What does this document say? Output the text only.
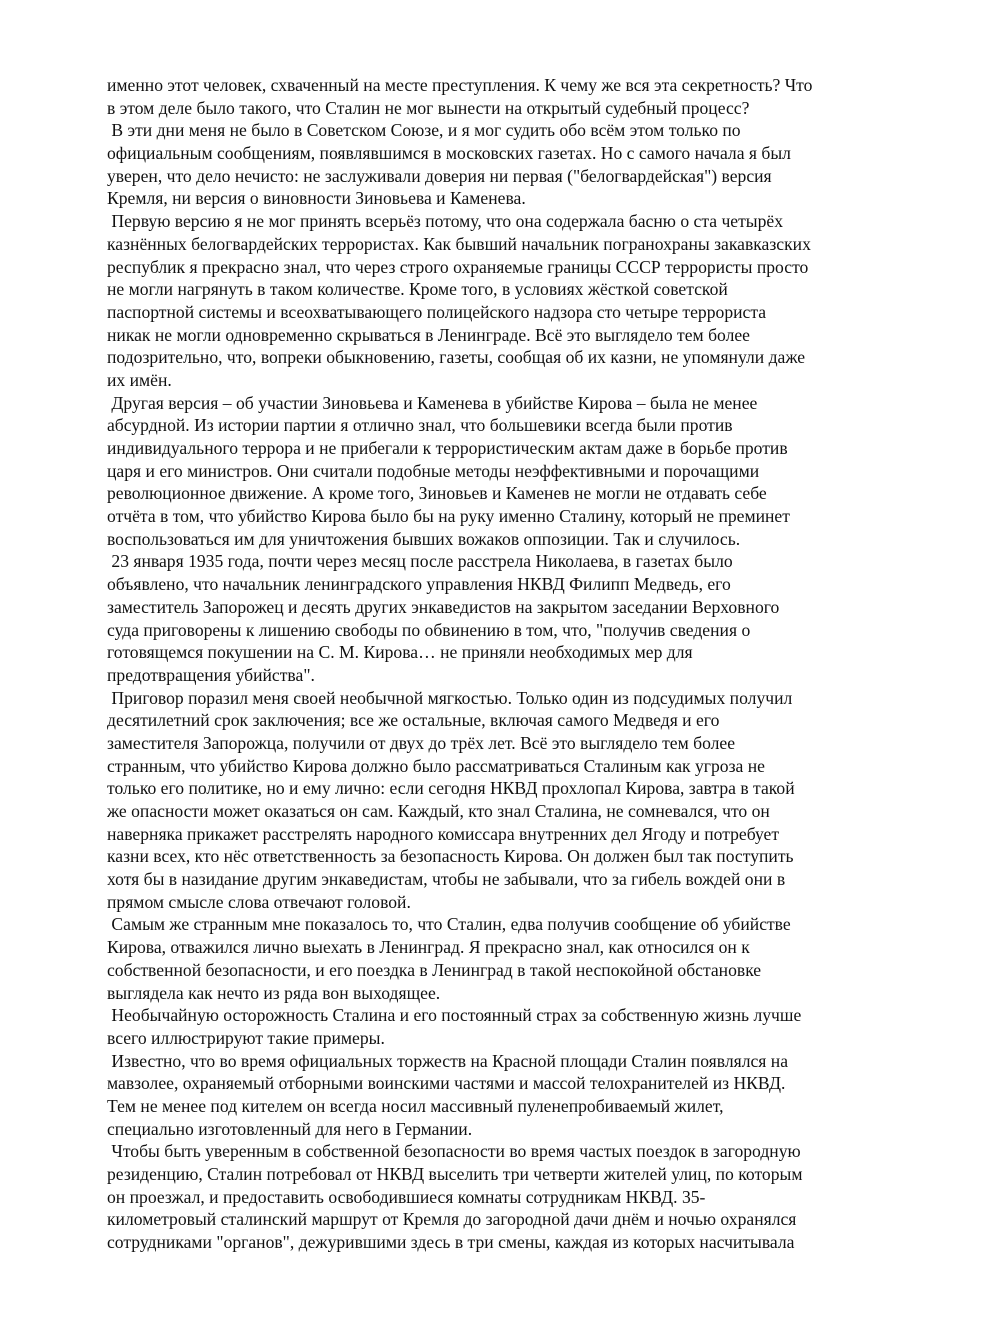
именно этот человек, схваченный на месте преступления. К чему же вся эта секретность? Что
в этом деле было такого, что Сталин не мог вынести на открытый судебный процесс?
В эти дни меня не было в Советском Союзе, и я мог судить обо всём этом только по
официальным сообщениям, появлявшимся в московских газетах. Но с самого начала я был
уверен, что дело нечисто: не заслуживали доверия ни первая ("белогвардейская") версия
Кремля, ни версия о виновности Зиновьева и Каменева.
Первую версию я не мог принять всерьёз потому, что она содержала басню о ста четырёх
казнённых белогвардейских террористах. Как бывший начальник погранохраны закавказских
республик я прекрасно знал, что через строго охраняемые границы СССР террористы просто
не могли нагрянуть в таком количестве. Кроме того, в условиях жёсткой советской
паспортной системы и всеохватывающего полицейского надзора сто четыре террориста
никак не могли одновременно скрываться в Ленинграде. Всё это выглядело тем более
подозрительно, что, вопреки обыкновению, газеты, сообщая об их казни, не упомянули даже
их имён.
Другая версия – об участии Зиновьева и Каменева в убийстве Кирова – была не менее
абсурдной. Из истории партии я отлично знал, что большевики всегда были против
индивидуального террора и не прибегали к террористическим актам даже в борьбе против
царя и его министров. Они считали подобные методы неэффективными и порочащими
революционное движение. А кроме того, Зиновьев и Каменев не могли не отдавать себе
отчёта в том, что убийство Кирова было бы на руку именно Сталину, который не преминет
воспользоваться им для уничтожения бывших вожаков оппозиции. Так и случилось.
23 января 1935 года, почти через месяц после расстрела Николаева, в газетах было
объявлено, что начальник ленинградского управления НКВД Филипп Медведь, его
заместитель Запорожец и десять других энкаведистов на закрытом заседании Верховного
суда приговорены к лишению свободы по обвинению в том, что, "получив сведения о
готовящемся покушении на С. М. Кирова… не приняли необходимых мер для
предотвращения убийства".
Приговор поразил меня своей необычной мягкостью. Только один из подсудимых получил
десятилетний срок заключения; все же остальные, включая самого Медведя и его
заместителя Запорожца, получили от двух до трёх лет. Всё это выглядело тем более
странным, что убийство Кирова должно было рассматриваться Сталиным как угроза не
только его политике, но и ему лично: если сегодня НКВД прохлопал Кирова, завтра в такой
же опасности может оказаться он сам. Каждый, кто знал Сталина, не сомневался, что он
наверняка прикажет расстрелять народного комиссара внутренних дел Ягоду и потребует
казни всех, кто нёс ответственность за безопасность Кирова. Он должен был так поступить
хотя бы в назидание другим энкаведистам, чтобы не забывали, что за гибель вождей они в
прямом смысле слова отвечают головой.
Самым же странным мне показалось то, что Сталин, едва получив сообщение об убийстве
Кирова, отважился лично выехать в Ленинград. Я прекрасно знал, как относился он к
собственной безопасности, и его поездка в Ленинград в такой неспокойной обстановке
выглядела как нечто из ряда вон выходящее.
Необычайную осторожность Сталина и его постоянный страх за собственную жизнь лучше
всего иллюстрируют такие примеры.
Известно, что во время официальных торжеств на Красной площади Сталин появлялся на
мавзолее, охраняемый отборными воинскими частями и массой телохранителей из НКВД.
Тем не менее под кителем он всегда носил массивный пуленепробиваемый жилет,
специально изготовленный для него в Германии.
Чтобы быть уверенным в собственной безопасности во время частых поездок в загородную
резиденцию, Сталин потребовал от НКВД выселить три четверти жителей улиц, по которым
он проезжал, и предоставить освободившиеся комнаты сотрудникам НКВД. 35-
километровый сталинский маршрут от Кремля до загородной дачи днём и ночью охранялся
сотрудниками "органов", дежурившими здесь в три смены, каждая из которых насчитывала
